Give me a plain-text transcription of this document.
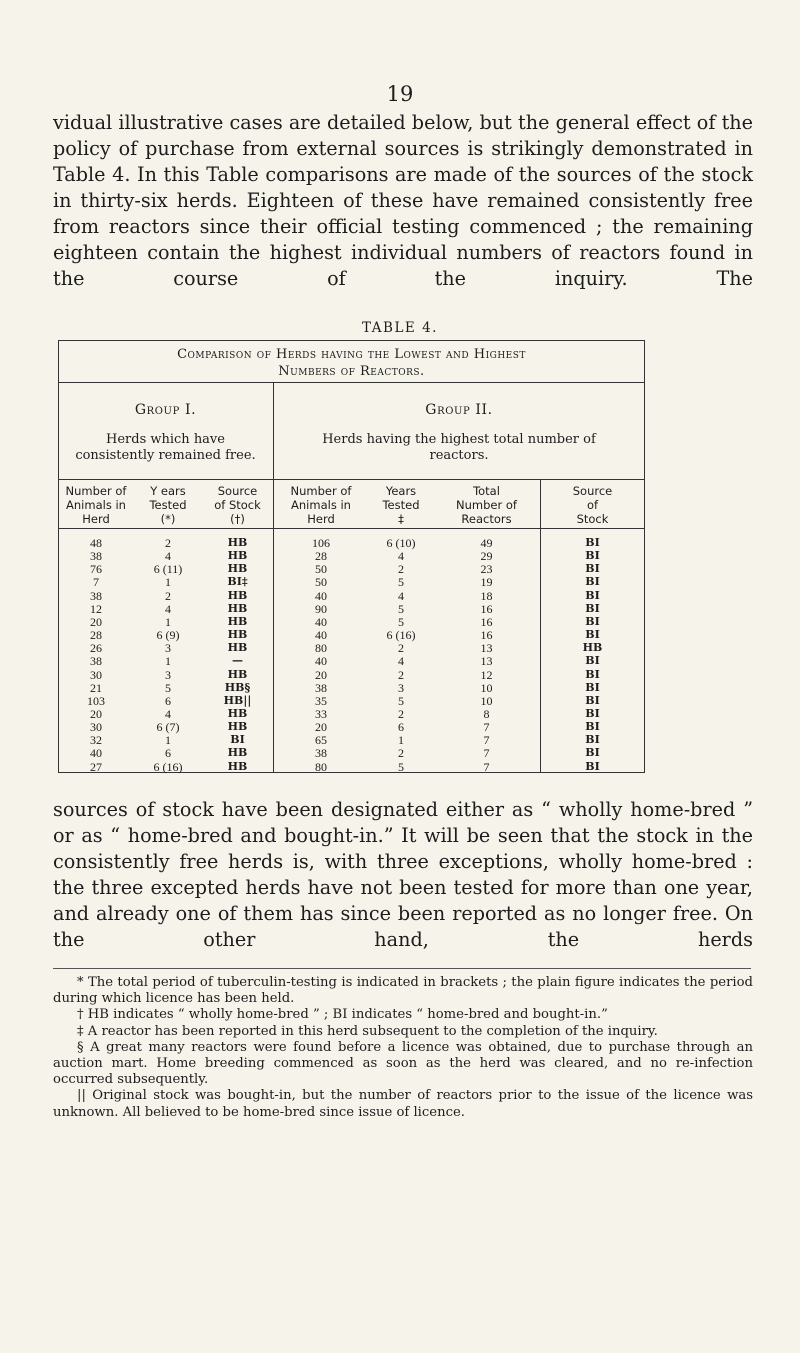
19
vidual illustrative cases are detailed below, but the general effect of the policy of purchase from external sources is strikingly demonstrated in Table 4. In this Table comparisons are made of the sources of the stock in thirty-six herds. Eighteen of these have remained consistently free from reactors since their official testing commenced ; the remaining eighteen contain the highest individual numbers of reactors found in the course of the inquiry. The
TABLE 4.
Comparison of Herds having the Lowest and Highest
Numbers of Reactors.
Group I.
Herds which have consistently remained free.
Group II.
Herds having the highest total number of reactors.
Number of
Animals in
Herd
Y ears
Tested
(*)
Source
of Stock
(†)
Number of
Animals in
Herd
Years
Tested
‡
Total
Number of
Reactors
Source
of
Stock
48	2	HB	106	6 (10)	49	BI
38	4	HB	28	4	29	BI
76	6 (11)	HB	50	2	23	BI
7	1	BI‡	50	5	19	BI
38	2	HB	40	4	18	BI
12	4	HB	90	5	16	BI
20	1	HB	40	5	16	BI
28	6 (9)	HB	40	6 (16)	16	BI
26	3	HB	80	2	13	HB
38	1	—	40	4	13	BI
30	3	HB	20	2	12	BI
21	5	HB§	38	3	10	BI
103	6	HB||	35	5	10	BI
20	4	HB	33	2	8	BI
30	6 (7)	HB	20	6	7	BI
32	1	BI	65	1	7	BI
40	6	HB	38	2	7	BI
27	6 (16)	HB	80	5	7	BI
sources of stock have been designated either as “ wholly home-bred ” or as “ home-bred and bought-in.” It will be seen that the stock in the consistently free herds is, with three exceptions, wholly home-bred : the three excepted herds have not been tested for more than one year, and already one of them has since been reported as no longer free. On the other hand, the herds
* The total period of tuberculin-testing is indicated in brackets ; the plain figure indicates the period during which licence has been held.
† HB indicates “ wholly home-bred ” ; BI indicates “ home-bred and bought-in.”
‡ A reactor has been reported in this herd subsequent to the completion of the inquiry.
§ A great many reactors were found before a licence was obtained, due to purchase through an auction mart. Home breeding commenced as soon as the herd was cleared, and no re-infection occurred subsequently.
|| Original stock was bought-in, but the number of reactors prior to the issue of the licence was unknown. All believed to be home-bred since issue of licence.
